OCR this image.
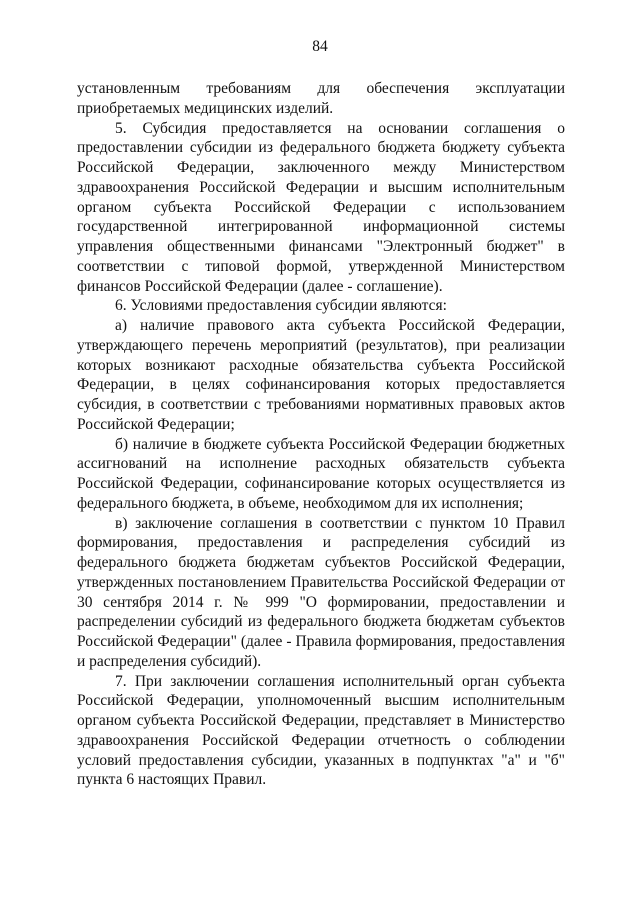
84

установленным требованиям для обеспечения эксплуатации приобретаемых медицинских изделий.

5. Субсидия предоставляется на основании соглашения о предоставлении субсидии из федерального бюджета бюджету субъекта Российской Федерации, заключенного между Министерством здравоохранения Российской Федерации и высшим исполнительным органом субъекта Российской Федерации с использованием государственной интегрированной информационной системы управления общественными финансами "Электронный бюджет" в соответствии с типовой формой, утвержденной Министерством финансов Российской Федерации (далее - соглашение).

6. Условиями предоставления субсидии являются:

а) наличие правового акта субъекта Российской Федерации, утверждающего перечень мероприятий (результатов), при реализации которых возникают расходные обязательства субъекта Российской Федерации, в целях софинансирования которых предоставляется субсидия, в соответствии с требованиями нормативных правовых актов Российской Федерации;

б) наличие в бюджете субъекта Российской Федерации бюджетных ассигнований на исполнение расходных обязательств субъекта Российской Федерации, софинансирование которых осуществляется из федерального бюджета, в объеме, необходимом для их исполнения;

в) заключение соглашения в соответствии с пунктом 10 Правил формирования, предоставления и распределения субсидий из федерального бюджета бюджетам субъектов Российской Федерации, утвержденных постановлением Правительства Российской Федерации от 30 сентября 2014 г. № 999 "О формировании, предоставлении и распределении субсидий из федерального бюджета бюджетам субъектов Российской Федерации" (далее - Правила формирования, предоставления и распределения субсидий).

7. При заключении соглашения исполнительный орган субъекта Российской Федерации, уполномоченный высшим исполнительным органом субъекта Российской Федерации, представляет в Министерство здравоохранения Российской Федерации отчетность о соблюдении условий предоставления субсидии, указанных в подпунктах "а" и "б" пункта 6 настоящих Правил.
